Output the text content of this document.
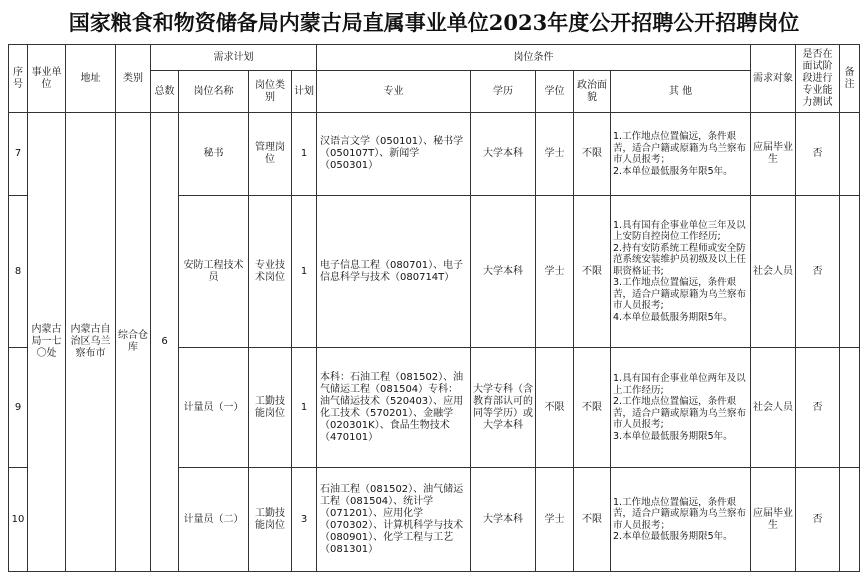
国家粮食和物资储备局内蒙古局直属事业单位2023年度公开招聘公开招聘岗位
序号	事业单位	地址	类别	需求计划				岗位条件					需求对象	是否在面试阶段进行专业能力测试	备注
				总数	岗位名称	岗位类别	计划	专业	学历	学位	政治面貌	其 他			
7	内蒙古局一七〇处	内蒙古自治区乌兰察布市	综合仓库	6	秘书	管理岗位	1	汉语言文学（050101）、秘书学（050107T）、新闻学（050301）	大学本科	学士	不限	1.工作地点位置偏远，条件艰苦，适合户籍或原籍为乌兰察布市人员报考；
2.本单位最低服务年限5年。	应届毕业生	否	
8					安防工程技术员	专业技术岗位	1	电子信息工程（080701）、电子信息科学与技术（080714T）	大学本科	学士	不限	1.具有国有企事业单位三年及以上安防自控岗位工作经历;
2.持有安防系统工程师或安全防范系统安装维护员初级及以上任职资格证书;
3.工作地点位置偏远，条件艰苦，适合户籍或原籍为乌兰察布市人员报考;
4.本单位最低服务期限5年。	社会人员	否	
9					计量员（一）	工勤技能岗位	1	本科：石油工程（081502）、油气储运工程（081504）专科：油气储运技术（520403）、应用化工技术（570201）、金融学（020301K）、食品生物技术（470101）	大学专科（含教育部认可的同等学历）或大学本科	不限	不限	1.具有国有企事业单位两年及以上工作经历;
2.工作地点位置偏远，条件艰苦，适合户籍或原籍为乌兰察布市人员报考;
3.本单位最低服务期限5年。	社会人员	否	
10					计量员（二）	工勤技能岗位	3	石油工程（081502）、油气储运工程（081504）、统计学（071201）、应用化学（070302）、计算机科学与技术（080901）、化学工程与工艺（081301）	大学本科	学士	不限	1.工作地点位置偏远，条件艰苦，适合户籍或原籍为乌兰察布市人员报考；
2.本单位最低服务期限5年。	应届毕业生	否	
